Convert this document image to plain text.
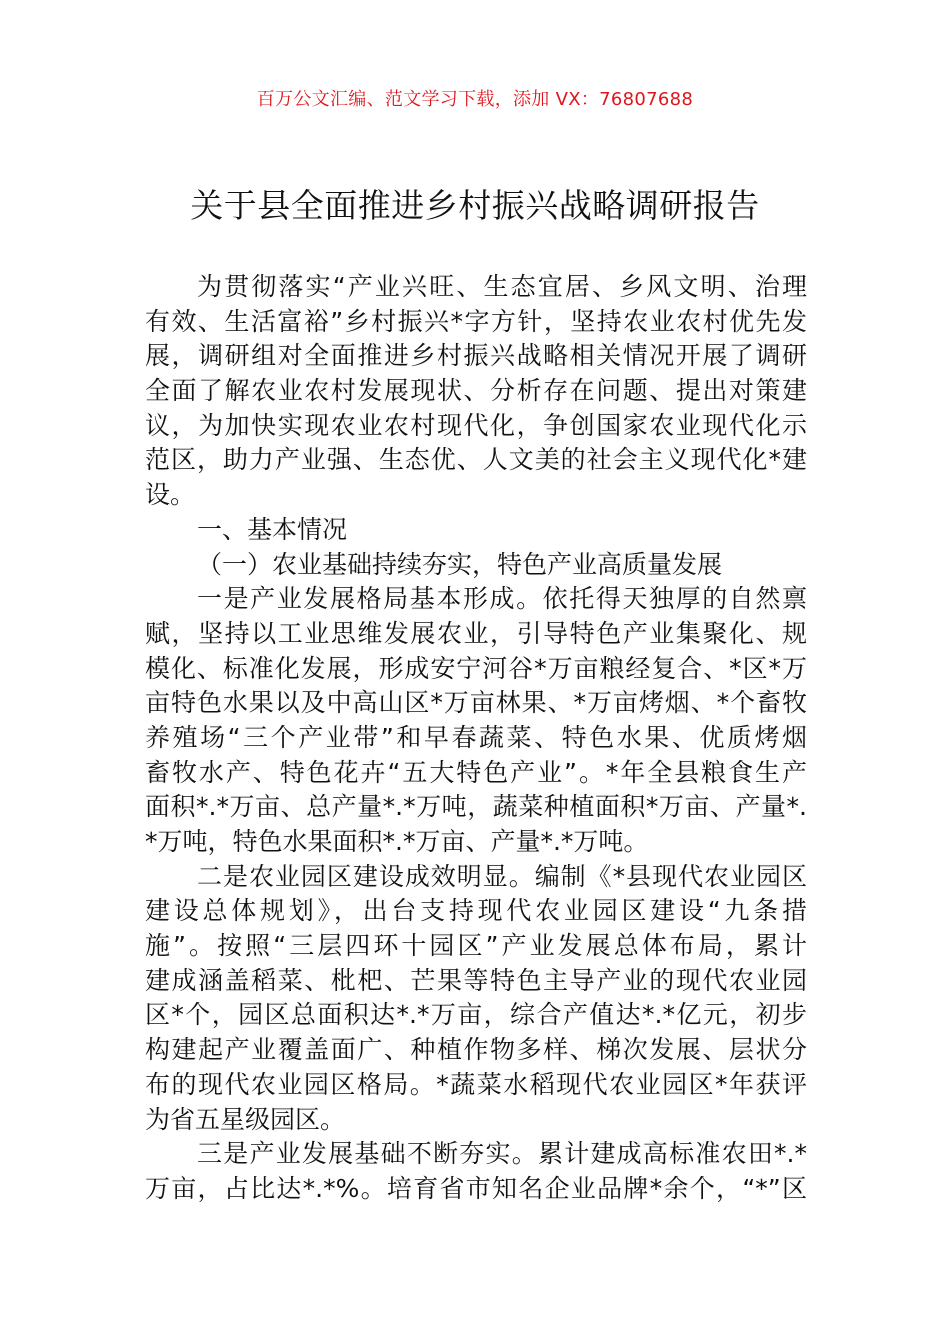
百万公文汇编、范文学习下载，添加 VX：76807688
关于县全面推进乡村振兴战略调研报告
为贯彻落实“产业兴旺、生态宜居、乡风文明、治理
有效、生活富裕”乡村振兴*字方针，坚持农业农村优先发
展，调研组对全面推进乡村振兴战略相关情况开展了调研
全面了解农业农村发展现状、分析存在问题、提出对策建
议，为加快实现农业农村现代化，争创国家农业现代化示
范区，助力产业强、生态优、人文美的社会主义现代化*建
设。
一、基本情况
（一）农业基础持续夯实，特色产业高质量发展
一是产业发展格局基本形成。依托得天独厚的自然禀
赋，坚持以工业思维发展农业，引导特色产业集聚化、规
模化、标准化发展，形成安宁河谷*万亩粮经复合、*区*万
亩特色水果以及中高山区*万亩林果、*万亩烤烟、*个畜牧
养殖场“三个产业带”和早春蔬菜、特色水果、优质烤烟
畜牧水产、特色花卉“五大特色产业”。*年全县粮食生产
面积*.*万亩、总产量*.*万吨，蔬菜种植面积*万亩、产量*.
*万吨，特色水果面积*.*万亩、产量*.*万吨。
二是农业园区建设成效明显。编制《*县现代农业园区
建设总体规划》，出台支持现代农业园区建设“九条措
施”。按照“三层四环十园区”产业发展总体布局，累计
建成涵盖稻菜、枇杷、芒果等特色主导产业的现代农业园
区*个，园区总面积达*.*万亩，综合产值达*.*亿元，初步
构建起产业覆盖面广、种植作物多样、梯次发展、层状分
布的现代农业园区格局。*蔬菜水稻现代农业园区*年获评
为省五星级园区。
三是产业发展基础不断夯实。累计建成高标准农田*.*
万亩，占比达*.*%。培育省市知名企业品牌*余个，“*”区
